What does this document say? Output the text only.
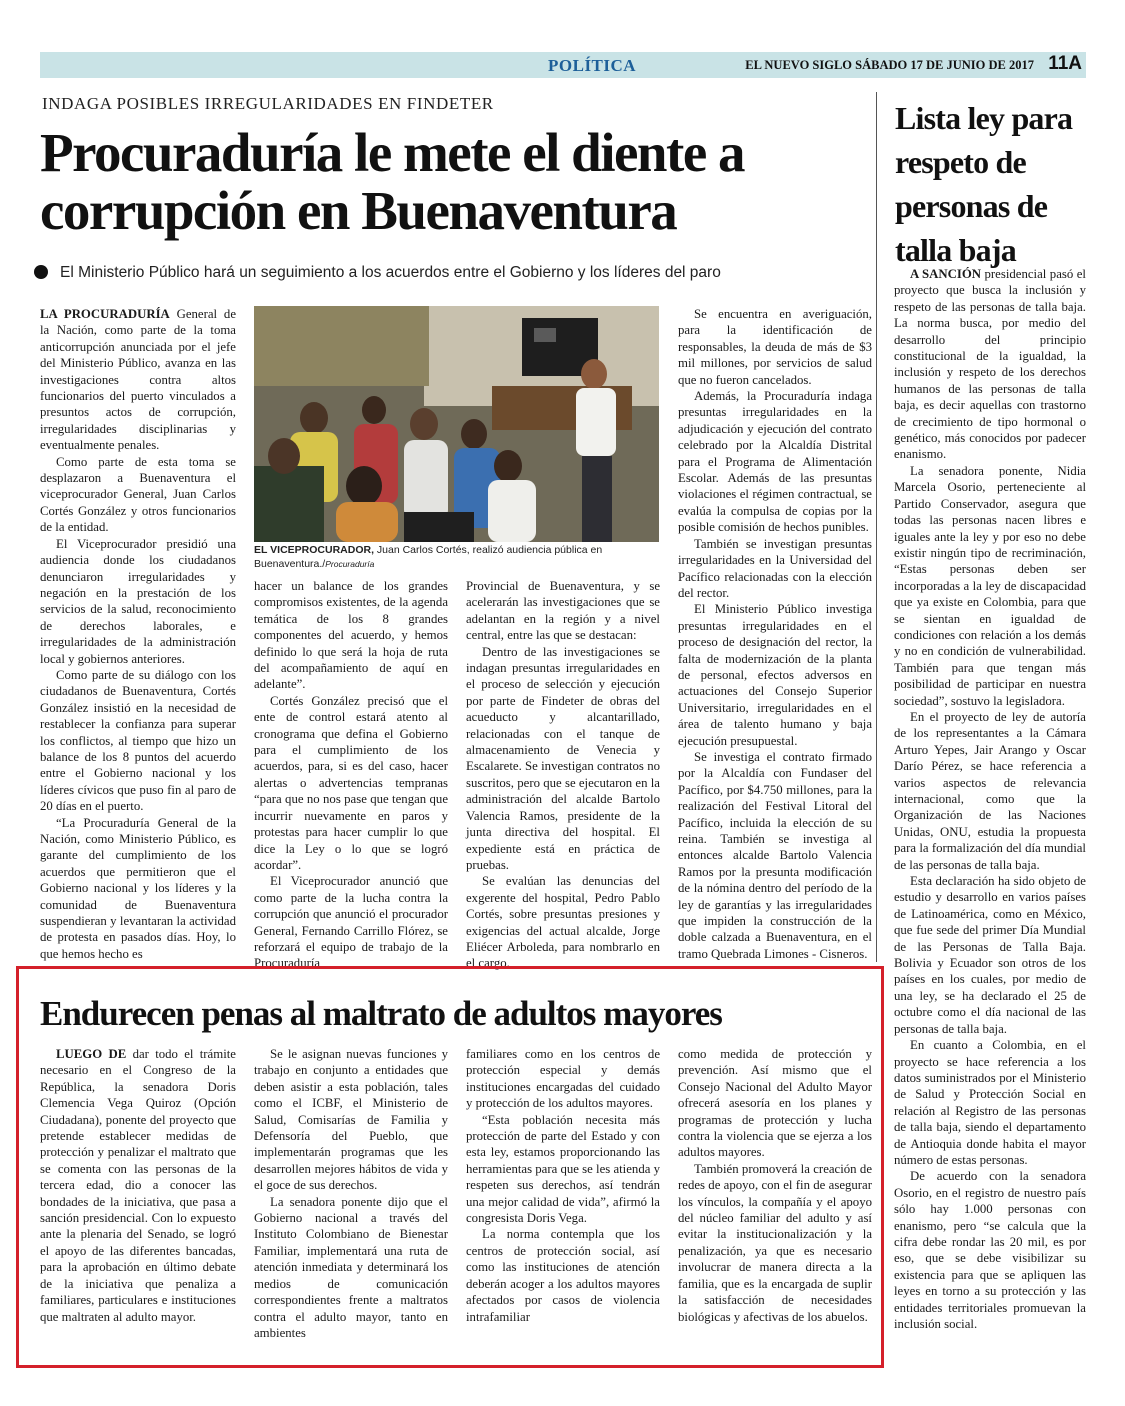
POLÍTICA	EL NUEVO SIGLO SÁBADO 17 DE JUNIO DE 2017 11A
INDAGA POSIBLES IRREGULARIDADES EN FINDETER
Procuraduría le mete el diente a corrupción en Buenaventura
El Ministerio Público hará un seguimiento a los acuerdos entre el Gobierno y los líderes del paro

LA PROCURADURÍA General de la Nación, como parte de la toma anticorrupción anunciada por el jefe del Ministerio Público, avanza en las investigaciones contra altos funcionarios del puerto vinculados a presuntos actos de corrupción, irregularidades disciplinarias y eventualmente penales.

Como parte de esta toma se desplazaron a Buenaventura el viceprocurador General, Juan Carlos Cortés González y otros funcionarios de la entidad.

El Viceprocurador presidió una audiencia donde los ciudadanos denunciaron irregularidades y negación en la prestación de los servicios de la salud, reconocimiento de derechos laborales, e irregularidades de la administración local y gobiernos anteriores.

Como parte de su diálogo con los ciudadanos de Buenaventura, Cortés González insistió en la necesidad de restablecer la confianza para superar los conflictos, al tiempo que hizo un balance de los 8 puntos del acuerdo entre el Gobierno nacional y los líderes cívicos que puso fin al paro de 20 días en el puerto.

“La Procuraduría General de la Nación, como Ministerio Público, es garante del cumplimiento de los acuerdos que permitieron que el Gobierno nacional y los líderes y la comunidad de Buenaventura suspendieran y levantaran la actividad de protesta en pasados días. Hoy, lo que hemos hecho es

EL VICEPROCURADOR, Juan Carlos Cortés, realizó audiencia pública en Buenaventura./Procuraduría

hacer un balance de los grandes compromisos existentes, de la agenda temática de los 8 grandes componentes del acuerdo, y hemos definido lo que será la hoja de ruta del acompañamiento de aquí en adelante”.

Cortés González precisó que el ente de control estará atento al cronograma que defina el Gobierno para el cumplimiento de los acuerdos, para, si es del caso, hacer alertas o advertencias tempranas “para que no nos pase que tengan que incurrir nuevamente en paros y protestas para hacer cumplir lo que dice la Ley o lo que se logró acordar”.

El Viceprocurador anunció que como parte de la lucha contra la corrupción que anunció el procurador General, Fernando Carrillo Flórez, se reforzará el equipo de trabajo de la Procuraduría

Provincial de Buenaventura, y se acelerarán las investigaciones que se adelantan en la región y a nivel central, entre las que se destacan:

Dentro de las investigaciones se indagan presuntas irregularidades en el proceso de selección y ejecución por parte de Findeter de obras del acueducto y alcantarillado, relacionadas con el tanque de almacenamiento de Venecia y Escalarete. Se investigan contratos no suscritos, pero que se ejecutaron en la administración del alcalde Bartolo Valencia Ramos, presidente de la junta directiva del hospital. El expediente está en práctica de pruebas.

Se evalúan las denuncias del exgerente del hospital, Pedro Pablo Cortés, sobre presuntas presiones y exigencias del actual alcalde, Jorge Eliécer Arboleda, para nombrarlo en el cargo.

Se encuentra en averiguación, para la identificación de responsables, la deuda de más de $3 mil millones, por servicios de salud que no fueron cancelados.

Además, la Procuraduría indaga presuntas irregularidades en la adjudicación y ejecución del contrato celebrado por la Alcaldía Distrital para el Programa de Alimentación Escolar. Además de las presuntas violaciones el régimen contractual, se evalúa la compulsa de copias por la posible comisión de hechos punibles.

También se investigan presuntas irregularidades en la Universidad del Pacífico relacionadas con la elección del rector.

El Ministerio Público investiga presuntas irregularidades en el proceso de designación del rector, la falta de modernización de la planta de personal, efectos adversos en actuaciones del Consejo Superior Universitario, irregularidades en el área de talento humano y baja ejecución presupuestal.

Se investiga el contrato firmado por la Alcaldía con Fundaser del Pacífico, por $4.750 millones, para la realización del Festival Litoral del Pacífico, incluida la elección de su reina. También se investiga al entonces alcalde Bartolo Valencia Ramos por la presunta modificación de la nómina dentro del período de la ley de garantías y las irregularidades que impiden la construcción de la doble calzada a Buenaventura, en el tramo Quebrada Limones - Cisneros.

Lista ley para respeto de personas de talla baja

A SANCIÓN presidencial pasó el proyecto que busca la inclusión y respeto de las personas de talla baja. La norma busca, por medio del desarrollo del principio constitucional de la igualdad, la inclusión y respeto de los derechos humanos de las personas de talla baja, es decir aquellas con trastorno de crecimiento de tipo hormonal o genético, más conocidos por padecer enanismo.

La senadora ponente, Nidia Marcela Osorio, perteneciente al Partido Conservador, asegura que todas las personas nacen libres e iguales ante la ley y por eso no debe existir ningún tipo de recriminación, “Estas personas deben ser incorporadas a la ley de discapacidad que ya existe en Colombia, para que se sientan en igualdad de condiciones con relación a los demás y no en condición de vulnerabilidad. También para que tengan más posibilidad de participar en nuestra sociedad”, sostuvo la legisladora.

En el proyecto de ley de autoría de los representantes a la Cámara Arturo Yepes, Jair Arango y Oscar Darío Pérez, se hace referencia a varios aspectos de relevancia internacional, como que la Organización de las Naciones Unidas, ONU, estudia la propuesta para la formalización del día mundial de las personas de talla baja.

Esta declaración ha sido objeto de estudio y desarrollo en varios países de Latinoamérica, como en México, que fue sede del primer Día Mundial de las Personas de Talla Baja. Bolivia y Ecuador son otros de los países en los cuales, por medio de una ley, se ha declarado el 25 de octubre como el día nacional de las personas de talla baja.

En cuanto a Colombia, en el proyecto se hace referencia a los datos suministrados por el Ministerio de Salud y Protección Social en relación al Registro de las personas de talla baja, siendo el departamento de Antioquia donde habita el mayor número de estas personas.

De acuerdo con la senadora Osorio, en el registro de nuestro país sólo hay 1.000 personas con enanismo, pero “se calcula que la cifra debe rondar las 20 mil, es por eso, que se debe visibilizar su existencia para que se apliquen las leyes en torno a su protección y las entidades territoriales promuevan la inclusión social.

Endurecen penas al maltrato de adultos mayores

LUEGO DE dar todo el trámite necesario en el Congreso de la República, la senadora Doris Clemencia Vega Quiroz (Opción Ciudadana), ponente del proyecto que pretende establecer medidas de protección y penalizar el maltrato que se comenta con las personas de la tercera edad, dio a conocer las bondades de la iniciativa, que pasa a sanción presidencial. Con lo expuesto ante la plenaria del Senado, se logró el apoyo de las diferentes bancadas, para la aprobación en último debate de la iniciativa que penaliza a familiares, particulares e instituciones que maltraten al adulto mayor.

Se le asignan nuevas funciones y trabajo en conjunto a entidades que deben asistir a esta población, tales como el ICBF, el Ministerio de Salud, Comisarías de Familia y Defensoría del Pueblo, que implementarán programas que les desarrollen mejores hábitos de vida y el goce de sus derechos.

La senadora ponente dijo que el Gobierno nacional a través del Instituto Colombiano de Bienestar Familiar, implementará una ruta de atención inmediata y determinará los medios de comunicación correspondientes frente a maltratos contra el adulto mayor, tanto en ambientes

familiares como en los centros de protección especial y demás instituciones encargadas del cuidado y protección de los adultos mayores.

“Esta población necesita más protección de parte del Estado y con esta ley, estamos proporcionando las herramientas para que se les atienda y respeten sus derechos, así tendrán una mejor calidad de vida”, afirmó la congresista Doris Vega.

La norma contempla que los centros de protección social, así como las instituciones de atención deberán acoger a los adultos mayores afectados por casos de violencia intrafamiliar

como medida de protección y prevención. Así mismo que el Consejo Nacional del Adulto Mayor ofrecerá asesoría en los planes y programas de protección y lucha contra la violencia que se ejerza a los adultos mayores.

También promoverá la creación de redes de apoyo, con el fin de asegurar los vínculos, la compañía y el apoyo del núcleo familiar del adulto y así evitar la institucionalización y la penalización, ya que es necesario involucrar de manera directa a la familia, que es la encargada de suplir la satisfacción de necesidades biológicas y afectivas de los abuelos.
